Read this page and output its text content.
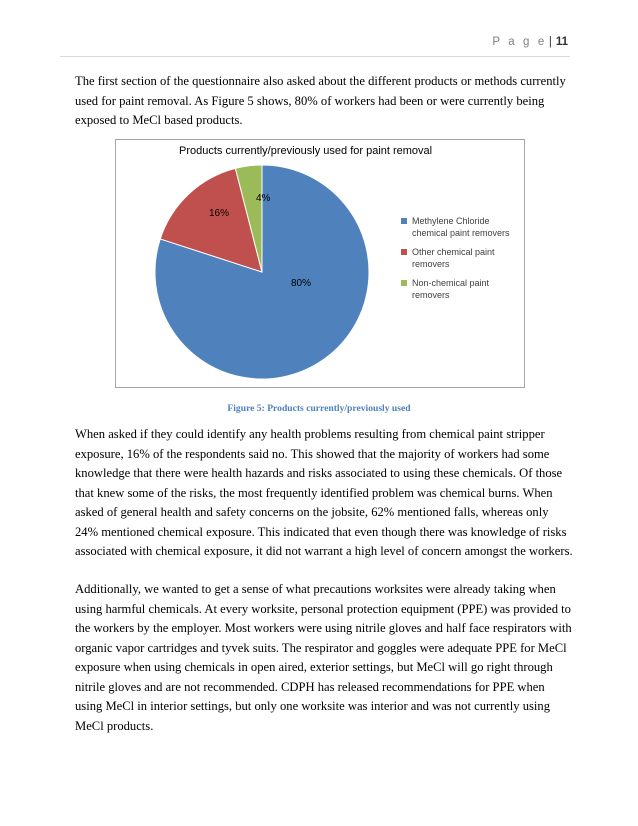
P a g e | 11

The first section of the questionnaire also asked about the different products or methods currently used for paint removal. As Figure 5 shows, 80% of workers had been or were currently being exposed to MeCl based products.

Products currently/previously used for paint removal
80%
16%
4%
Methylene Chloride
chemical paint removers
Other chemical paint
removers
Non-chemical paint
removers
Figure 5: Products currently/previously used

When asked if they could identify any health problems resulting from chemical paint stripper exposure, 16% of the respondents said no. This showed that the majority of workers had some knowledge that there were health hazards and risks associated to using these chemicals. Of those that knew some of the risks, the most frequently identified problem was chemical burns. When asked of general health and safety concerns on the jobsite, 62% mentioned falls, whereas only 24% mentioned chemical exposure. This indicated that even though there was knowledge of risks associated with chemical exposure, it did not warrant a high level of concern amongst the workers.

Additionally, we wanted to get a sense of what precautions worksites were already taking when using harmful chemicals. At every worksite, personal protection equipment (PPE) was provided to the workers by the employer. Most workers were using nitrile gloves and half face respirators with organic vapor cartridges and tyvek suits. The respirator and goggles were adequate PPE for MeCl exposure when using chemicals in open aired, exterior settings, but MeCl will go right through nitrile gloves and are not recommended. CDPH has released recommendations for PPE when using MeCl in interior settings, but only one worksite was interior and was not currently using MeCl products.
